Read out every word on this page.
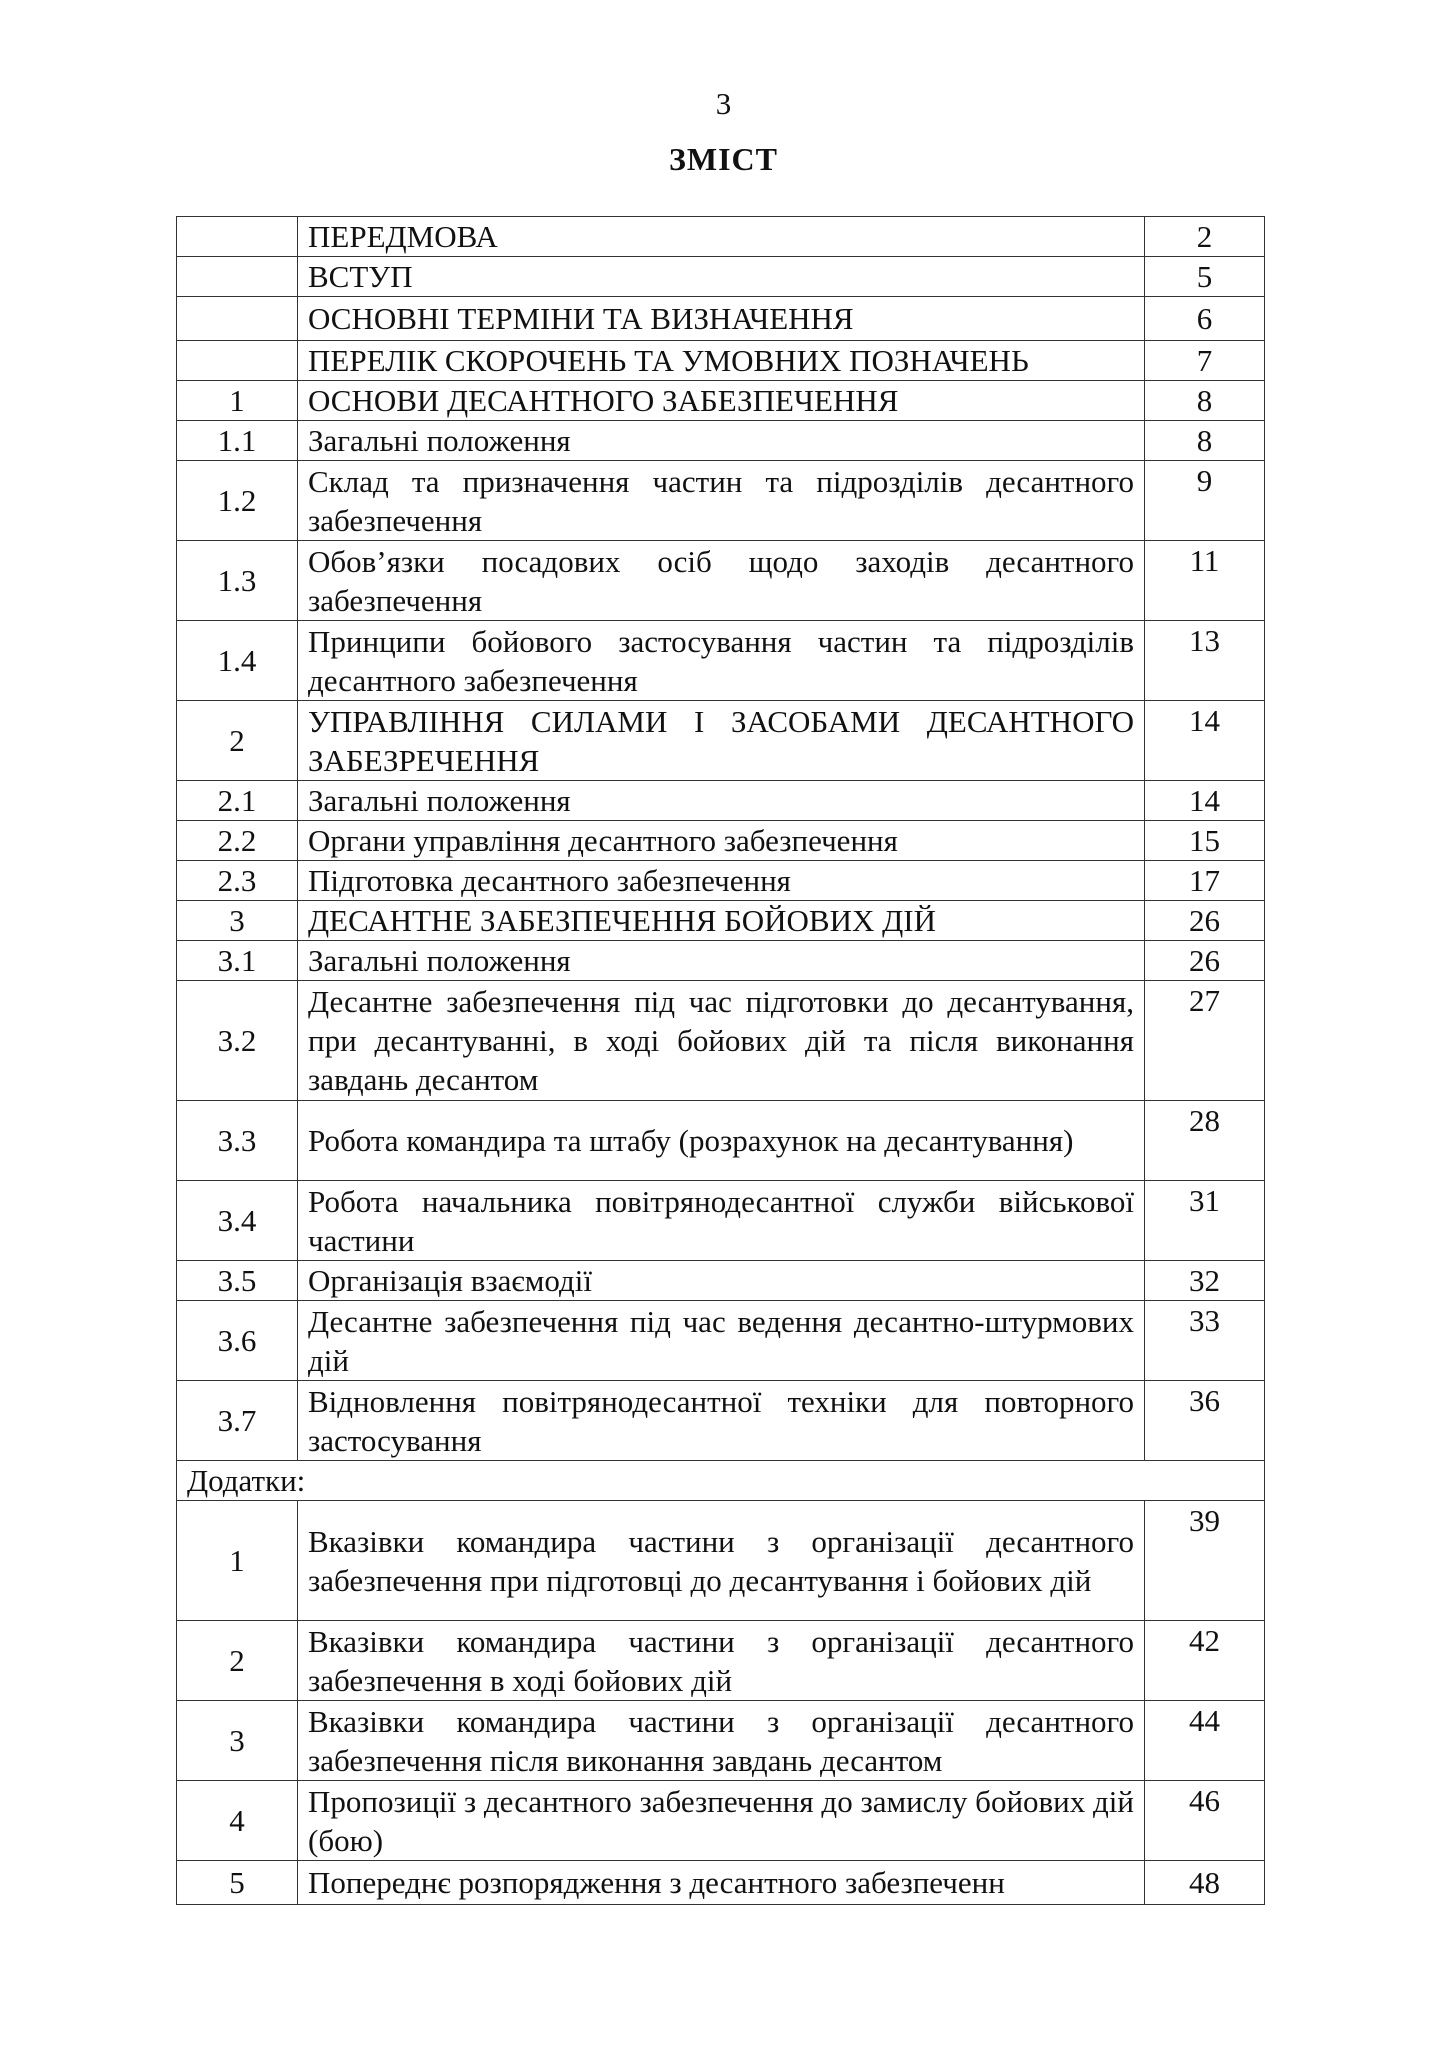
3
ЗМІСТ
	ПЕРЕДМОВА	2
	ВСТУП	5
	ОСНОВНІ ТЕРМІНИ ТА ВИЗНАЧЕННЯ	6
	ПЕРЕЛІК СКОРОЧЕНЬ ТА УМОВНИХ ПОЗНАЧЕНЬ	7
1	ОСНОВИ ДЕСАНТНОГО ЗАБЕЗПЕЧЕННЯ	8
1.1	Загальні положення	8
1.2	Склад та призначення частин та підрозділів десантного забезпечення	9
1.3	Обов’язки посадових осіб щодо заходів десантного забезпечення	11
1.4	Принципи бойового застосування частин та підрозділів десантного забезпечення	13
2	УПРАВЛІННЯ СИЛАМИ І ЗАСОБАМИ ДЕСАНТНОГО ЗАБЕЗРЕЧЕННЯ	14
2.1	Загальні положення	14
2.2	Органи управління десантного забезпечення	15
2.3	Підготовка десантного забезпечення	17
3	ДЕСАНТНЕ ЗАБЕЗПЕЧЕННЯ БОЙОВИХ ДІЙ	26
3.1	Загальні положення	26
3.2	Десантне забезпечення під час підготовки до десантування, при десантуванні, в ході бойових дій та після виконання завдань десантом	27
3.3	Робота командира та штабу (розрахунок на десантування)	28
3.4	Робота начальника повітрянодесантної служби військової частини	31
3.5	Організація взаємодії	32
3.6	Десантне забезпечення під час ведення десантно-штурмових дій	33
3.7	Відновлення повітрянодесантної техніки для повторного застосування	36
Додатки:		
1	Вказівки командира частини з організації десантного забезпечення при підготовці до десантування і бойових дій	39
2	Вказівки командира частини з організації десантного забезпечення в ході бойових дій	42
3	Вказівки командира частини з організації десантного забезпечення після виконання завдань десантом	44
4	Пропозиції з десантного забезпечення до замислу бойових дій (бою)	46
5	Попереднє розпорядження з десантного забезпеченн	48
